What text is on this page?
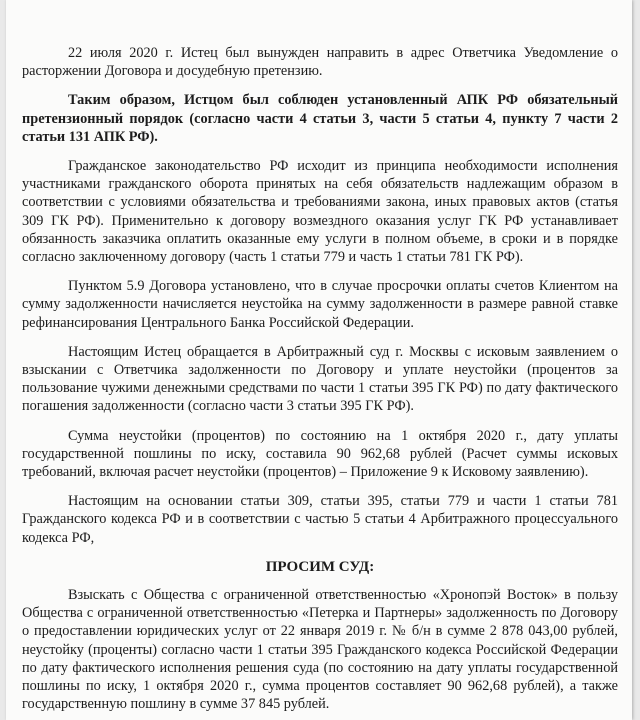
22 июля 2020 г. Истец был вынужден направить в адрес Ответчика Уведомление о расторжении Договора и досудебную претензию.

Таким образом, Истцом был соблюден установленный АПК РФ обязательный претензионный порядок (согласно части 4 статьи 3, части 5 статьи 4, пункту 7 части 2 статьи 131 АПК РФ).

Гражданское законодательство РФ исходит из принципа необходимости исполнения участниками гражданского оборота принятых на себя обязательств надлежащим образом в соответствии с условиями обязательства и требованиями закона, иных правовых актов (статья 309 ГК РФ). Применительно к договору возмездного оказания услуг ГК РФ устанавливает обязанность заказчика оплатить оказанные ему услуги в полном объеме, в сроки и в порядке согласно заключенному договору (часть 1 статьи 779 и часть 1 статьи 781 ГК РФ).

Пунктом 5.9 Договора установлено, что в случае просрочки оплаты счетов Клиентом на сумму задолженности начисляется неустойка на сумму задолженности в размере равной ставке рефинансирования Центрального Банка Российской Федерации.

Настоящим Истец обращается в Арбитражный суд г. Москвы с исковым заявлением о взыскании с Ответчика задолженности по Договору и уплате неустойки (процентов за пользование чужими денежными средствами по части 1 статьи 395 ГК РФ) по дату фактического погашения задолженности (согласно части 3 статьи 395 ГК РФ).

Сумма неустойки (процентов) по состоянию на 1 октября 2020 г., дату уплаты государственной пошлины по иску, составила 90 962,68 рублей (Расчет суммы исковых требований, включая расчет неустойки (процентов) – Приложение 9 к Исковому заявлению).

Настоящим на основании статьи 309, статьи 395, статьи 779 и части 1 статьи 781 Гражданского кодекса РФ и в соответствии с частью 5 статьи 4 Арбитражного процессуального кодекса РФ,

ПРОСИМ СУД:

Взыскать с Общества с ограниченной ответственностью «Хронопэй Восток» в пользу Общества с ограниченной ответственностью «Петерка и Партнеры» задолженность по Договору о предоставлении юридических услуг от 22 января 2019 г. № б/н в сумме 2 878 043,00 рублей, неустойку (проценты) согласно части 1 статьи 395 Гражданского кодекса Российской Федерации по дату фактического исполнения решения суда (по состоянию на дату уплаты государственной пошлины по иску, 1 октября 2020 г., сумма процентов составляет 90 962,68 рублей), а также государственную пошлину в сумме 37 845 рублей.
